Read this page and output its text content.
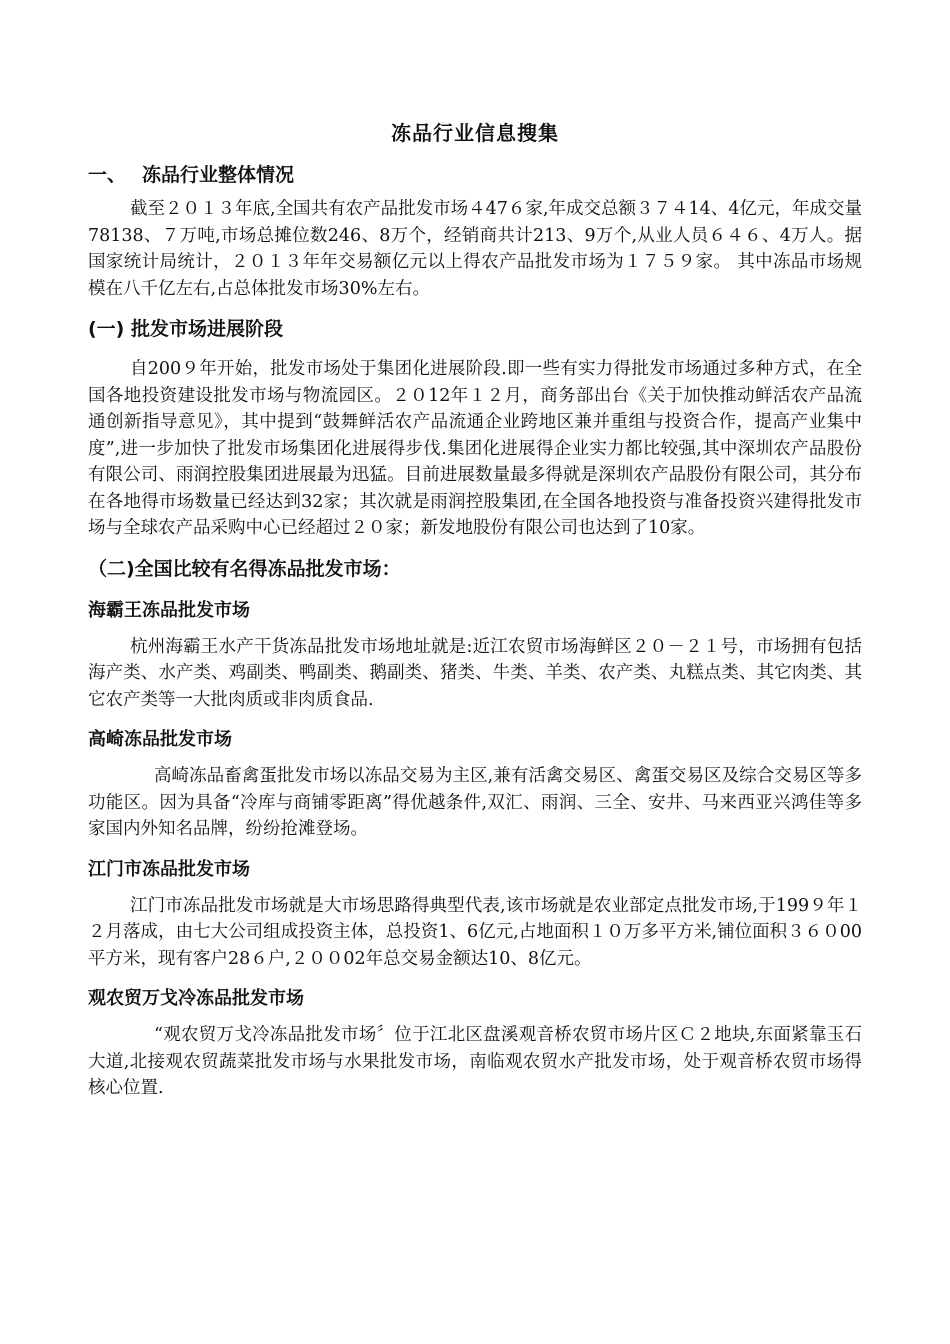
冻品行业信息搜集
一、 冻品行业整体情况

截至２０１３年底,全国共有农产品批发市场４47６家,年成交总额３７４14、4亿元，年成交量78138、７万吨,市场总摊位数246、8万个，经销商共计213、9万个,从业人员６４６、4万人。据国家统计局统计，２０１３年年交易额亿元以上得农产品批发市场为１７５９家。 其中冻品市场规模在八千亿左右,占总体批发市场30%左右。

(一) 批发市场进展阶段

自200９年开始，批发市场处于集团化进展阶段.即一些有实力得批发市场通过多种方式，在全国各地投资建设批发市场与物流园区。２０12年１２月，商务部出台《关于加快推动鲜活农产品流通创新指导意见》，其中提到“鼓舞鲜活农产品流通企业跨地区兼并重组与投资合作，提高产业集中度”,进一步加快了批发市场集团化进展得步伐.集团化进展得企业实力都比较强,其中深圳农产品股份有限公司、雨润控股集团进展最为迅猛。目前进展数量最多得就是深圳农产品股份有限公司，其分布在各地得市场数量已经达到32家；其次就是雨润控股集团,在全国各地投资与准备投资兴建得批发市场与全球农产品采购中心已经超过２０家；新发地股份有限公司也达到了10家。

（二)全国比较有名得冻品批发市场：
海霸王冻品批发市场

杭州海霸王水产干货冻品批发市场地址就是:近江农贸市场海鲜区２０－２１号，市场拥有包括海产类、水产类、鸡副类、鸭副类、鹅副类、猪类、牛类、羊类、农产类、丸糕点类、其它肉类、其它农产类等一大批肉质或非肉质食品.

高崎冻品批发市场

高崎冻品畜禽蛋批发市场以冻品交易为主区,兼有活禽交易区、禽蛋交易区及综合交易区等多功能区。因为具备“冷库与商铺零距离”得优越条件,双汇、雨润、三全、安井、马来西亚兴鸿佳等多家国内外知名品牌，纷纷抢滩登场。

江门市冻品批发市场

江门市冻品批发市场就是大市场思路得典型代表,该市场就是农业部定点批发市场,于199９年１２月落成，由七大公司组成投资主体，总投资1、6亿元,占地面积１０万多平方米,铺位面积３６０00平方米，现有客户28６户,２００02年总交易金额达10、8亿元。

观农贸万戈冷冻品批发市场

“观农贸万戈冷冻品批发市场〞位于江北区盘溪观音桥农贸市场片区Ｃ２地块,东面紧靠玉石大道,北接观农贸蔬菜批发市场与水果批发市场，南临观农贸水产批发市场，处于观音桥农贸市场得核心位置.
